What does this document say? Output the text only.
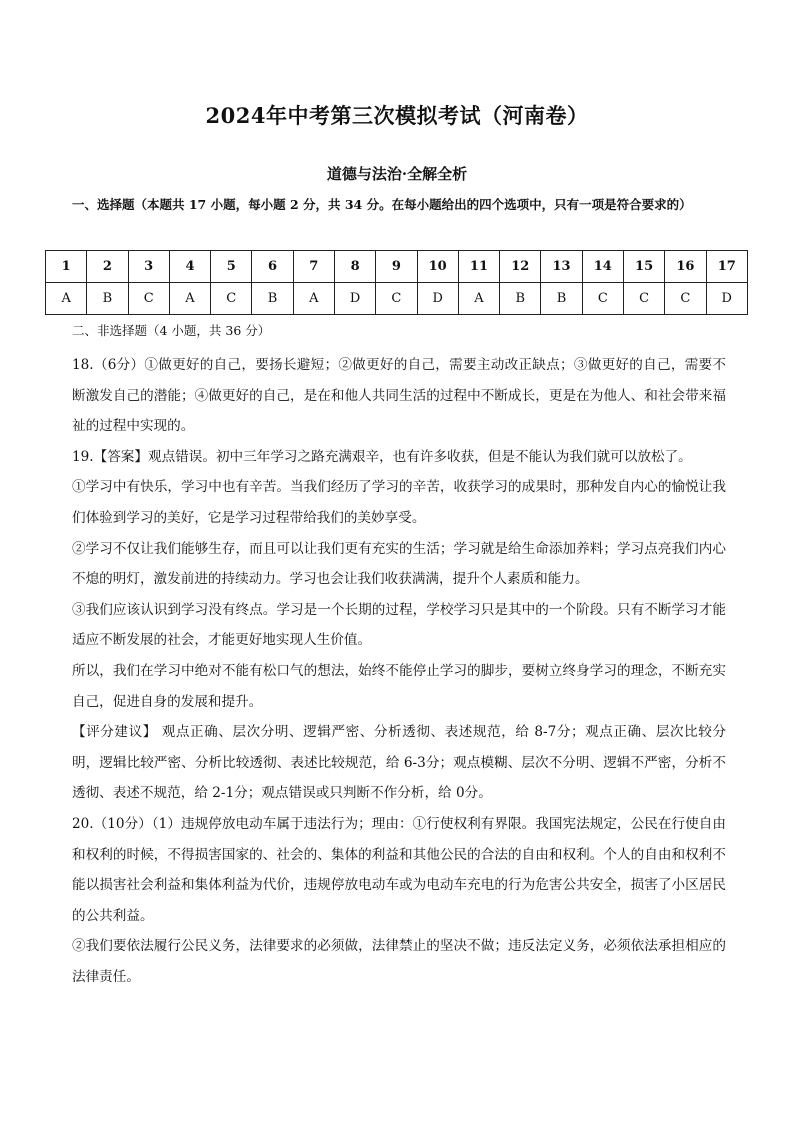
2024年中考第三次模拟考试（河南卷）
道德与法治·全解全析
一、选择题（本题共 17 小题，每小题 2 分，共 34 分。在每小题给出的四个选项中，只有一项是符合要求的）
1	2	3	4	5	6	7	8	9	10	11	12	13	14	15	16	17
A	B	C	A	C	B	A	D	C	D	A	B	B	C	C	C	D
二、非选择题（4 小题，共 36 分）

18.（6分）①做更好的自己，要扬长避短；②做更好的自己，需要主动改正缺点；③做更好的自己，需要不断激发自己的潜能；④做更好的自己，是在和他人共同生活的过程中不断成长，更是在为他人、和社会带来福祉的过程中实现的。

19.【答案】观点错误。初中三年学习之路充满艰辛，也有许多收获，但是不能认为我们就可以放松了。

①学习中有快乐，学习中也有辛苦。当我们经历了学习的辛苦，收获学习的成果时，那种发自内心的愉悦让我们体验到学习的美好，它是学习过程带给我们的美妙享受。

②学习不仅让我们能够生存，而且可以让我们更有充实的生活；学习就是给生命添加养料；学习点亮我们内心不熄的明灯，激发前进的持续动力。学习也会让我们收获满满，提升个人素质和能力。

③我们应该认识到学习没有终点。学习是一个长期的过程，学校学习只是其中的一个阶段。只有不断学习才能适应不断发展的社会，才能更好地实现人生价值。

所以，我们在学习中绝对不能有松口气的想法，始终不能停止学习的脚步，要树立终身学习的理念，不断充实自己，促进自身的发展和提升。

【评分建议】 观点正确、层次分明、逻辑严密、分析透彻、表述规范，给 8-7分；观点正确、层次比较分明，逻辑比较严密、分析比较透彻、表述比较规范，给 6-3分；观点模糊、层次不分明、逻辑不严密，分析不透彻、表述不规范，给 2-1分；观点错误或只判断不作分析，给 0分。

20.（10分）（1）违规停放电动车属于违法行为；理由：①行使权利有界限。我国宪法规定，公民在行使自由和权利的时候，不得损害国家的、社会的、集体的利益和其他公民的合法的自由和权利。个人的自由和权利不能以损害社会利益和集体利益为代价，违规停放电动车或为电动车充电的行为危害公共安全，损害了小区居民的公共利益。

②我们要依法履行公民义务，法律要求的必须做，法律禁止的坚决不做；违反法定义务，必须依法承担相应的法律责任。
